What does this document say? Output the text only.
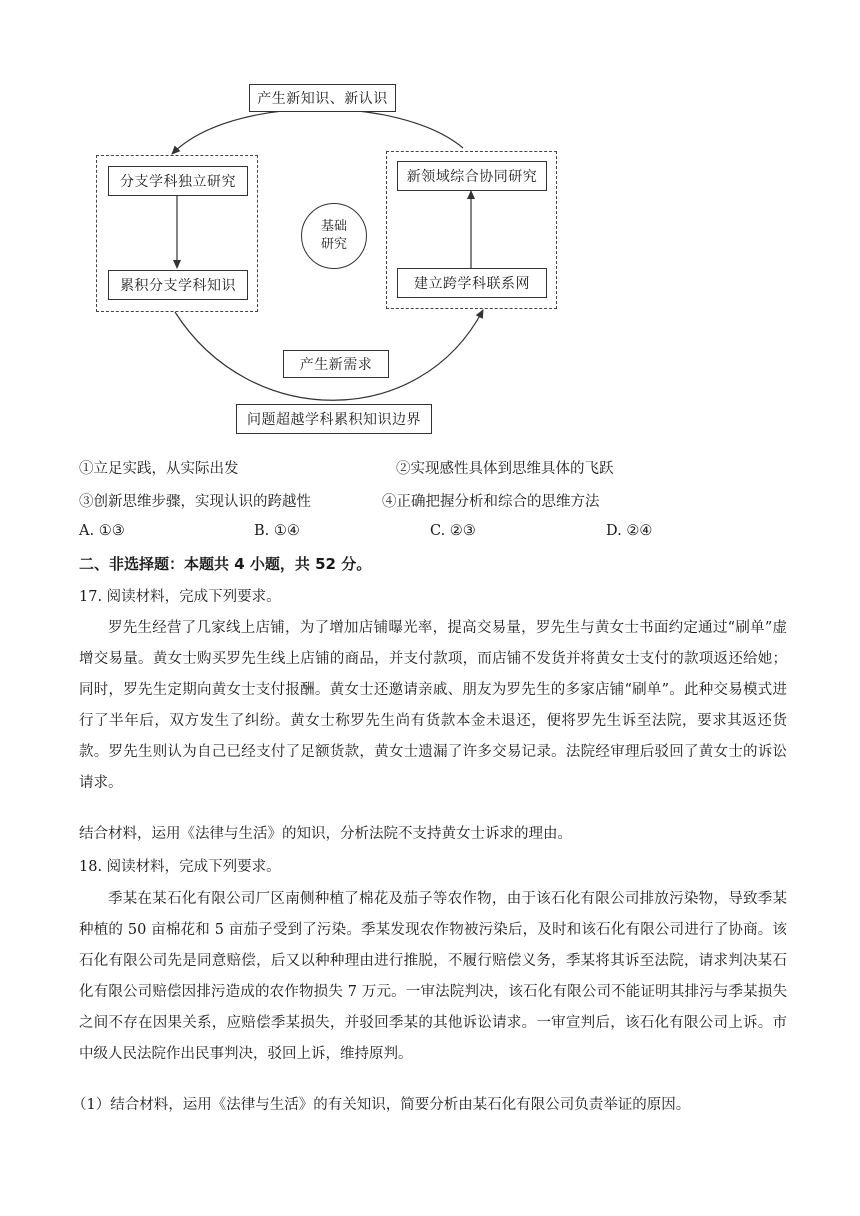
产生新知识、新认识
分支学科独立研究
累积分支学科知识
基础
研究
新领域综合协同研究
建立跨学科联系网
产生新需求
问题超越学科累积知识边界
①立足实践，从实际出发	②实现感性具体到思维具体的飞跃
③创新思维步骤，实现认识的跨越性	④正确把握分析和综合的思维方法
A. ①③	B. ①④	C. ②③	D. ②④
二、非选择题：本题共 4 小题，共 52 分。
17. 阅读材料，完成下列要求。

罗先生经营了几家线上店铺，为了增加店铺曝光率，提高交易量，罗先生与黄女士书面约定通过“刷单”虚增交易量。黄女士购买罗先生线上店铺的商品，并支付款项，而店铺不发货并将黄女士支付的款项返还给她；同时，罗先生定期向黄女士支付报酬。黄女士还邀请亲戚、朋友为罗先生的多家店铺“刷单”。此种交易模式进行了半年后，双方发生了纠纷。黄女士称罗先生尚有货款本金未退还，便将罗先生诉至法院，要求其返还货款。罗先生则认为自己已经支付了足额货款，黄女士遗漏了许多交易记录。法院经审理后驳回了黄女士的诉讼请求。

结合材料，运用《法律与生活》的知识，分析法院不支持黄女士诉求的理由。
18. 阅读材料，完成下列要求。

季某在某石化有限公司厂区南侧种植了棉花及茄子等农作物，由于该石化有限公司排放污染物，导致季某种植的 50 亩棉花和 5 亩茄子受到了污染。季某发现农作物被污染后，及时和该石化有限公司进行了协商。该石化有限公司先是同意赔偿，后又以种种理由进行推脱，不履行赔偿义务，季某将其诉至法院，请求判决某石化有限公司赔偿因排污造成的农作物损失 7 万元。一审法院判决，该石化有限公司不能证明其排污与季某损失之间不存在因果关系，应赔偿季某损失，并驳回季某的其他诉讼请求。一审宣判后，该石化有限公司上诉。市中级人民法院作出民事判决，驳回上诉，维持原判。

（1）结合材料，运用《法律与生活》的有关知识，简要分析由某石化有限公司负责举证的原因。
